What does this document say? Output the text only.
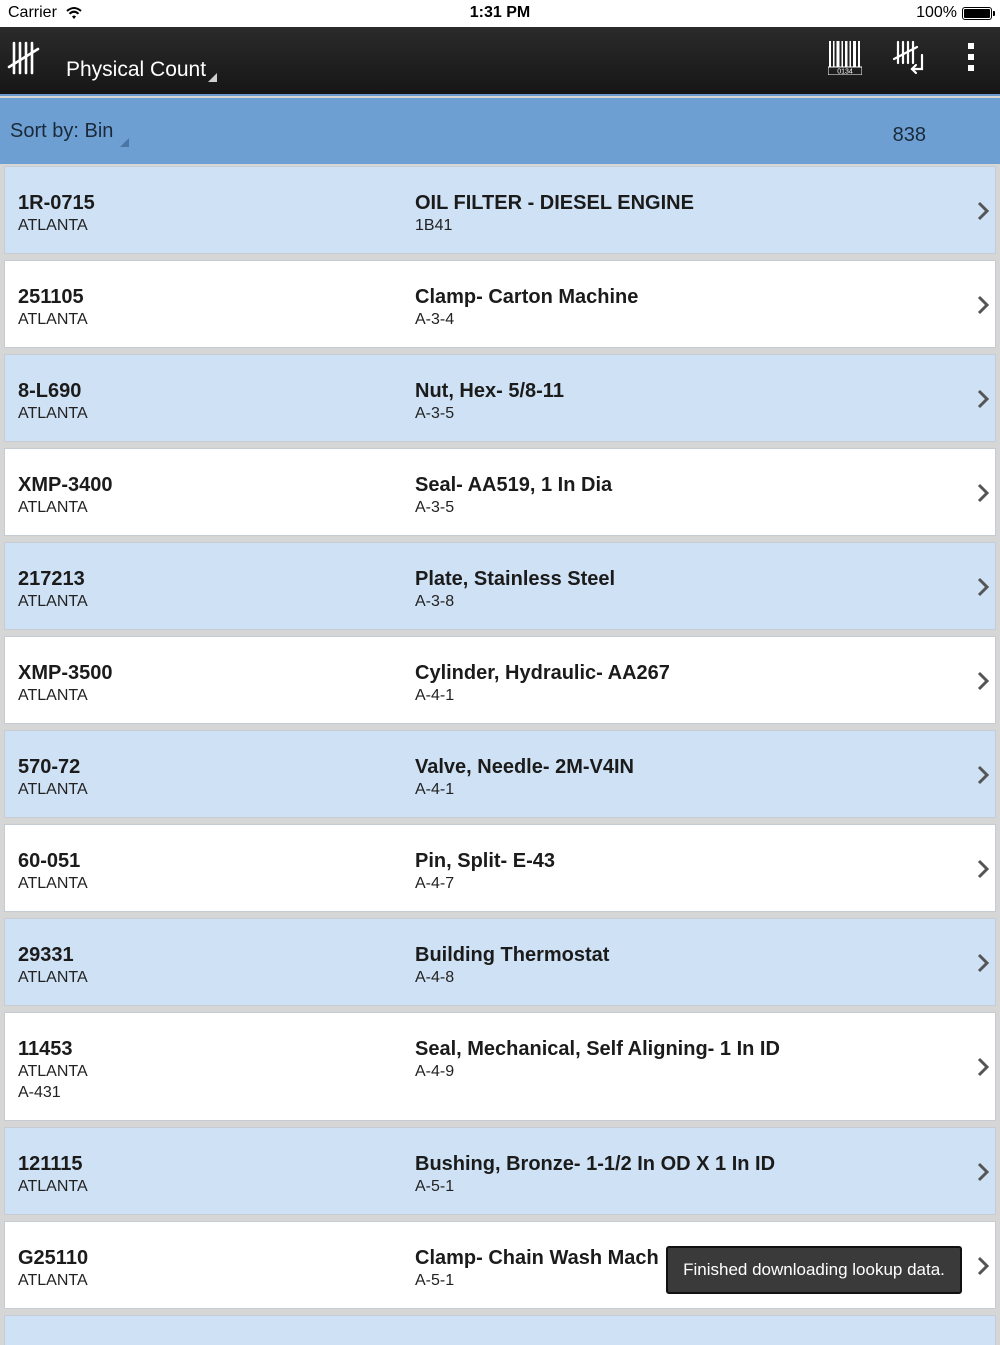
Carrier	1:31 PM	100%
Physical Count	0134
Sort by: Bin	838
1R-0715
ATLANTA
OIL FILTER - DIESEL ENGINE
1B41
251105
ATLANTA
Clamp- Carton Machine
A-3-4
8-L690
ATLANTA
Nut, Hex- 5/8-11
A-3-5
XMP-3400
ATLANTA
Seal- AA519, 1 In Dia
A-3-5
217213
ATLANTA
Plate, Stainless Steel
A-3-8
XMP-3500
ATLANTA
Cylinder, Hydraulic- AA267
A-4-1
570-72
ATLANTA
Valve, Needle- 2M-V4IN
A-4-1
60-051
ATLANTA
Pin, Split- E-43
A-4-7
29331
ATLANTA
Building Thermostat
A-4-8
11453
ATLANTA
A-431
Seal, Mechanical, Self Aligning- 1 In ID
A-4-9
121115
ATLANTA
Bushing, Bronze- 1-1/2 In OD X 1 In ID
A-5-1
G25110
ATLANTA
Clamp- Chain Wash Mach
A-5-1
Finished downloading lookup data.
